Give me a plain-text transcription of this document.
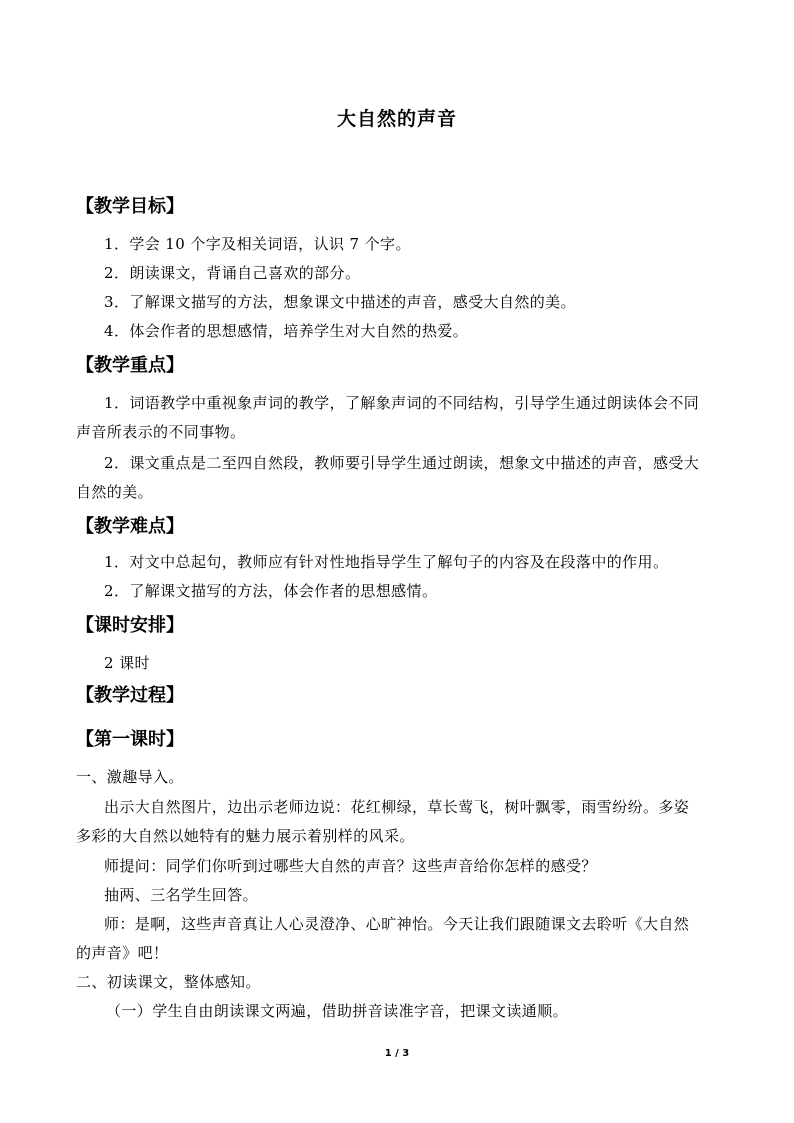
大自然的声音
【教学目标】
1．学会 10 个字及相关词语，认识 7 个字。
2．朗读课文，背诵自己喜欢的部分。
3．了解课文描写的方法，想象课文中描述的声音，感受大自然的美。
4．体会作者的思想感情，培养学生对大自然的热爱。
【教学重点】
1．词语教学中重视象声词的教学，了解象声词的不同结构，引导学生通过朗读体会不同
声音所表示的不同事物。
2．课文重点是二至四自然段，教师要引导学生通过朗读，想象文中描述的声音，感受大
自然的美。
【教学难点】
1．对文中总起句，教师应有针对性地指导学生了解句子的内容及在段落中的作用。
2．了解课文描写的方法，体会作者的思想感情。
【课时安排】
2 课时
【教学过程】
【第一课时】
一、激趣导入。
出示大自然图片，边出示老师边说：花红柳绿，草长莺飞，树叶飘零，雨雪纷纷。多姿
多彩的大自然以她特有的魅力展示着别样的风采。
师提问：同学们你听到过哪些大自然的声音？这些声音给你怎样的感受？
抽两、三名学生回答。
师：是啊，这些声音真让人心灵澄净、心旷神怡。今天让我们跟随课文去聆听《大自然
的声音》吧！
二、初读课文，整体感知。
（一）学生自由朗读课文两遍，借助拼音读准字音，把课文读通顺。
1 / 3
